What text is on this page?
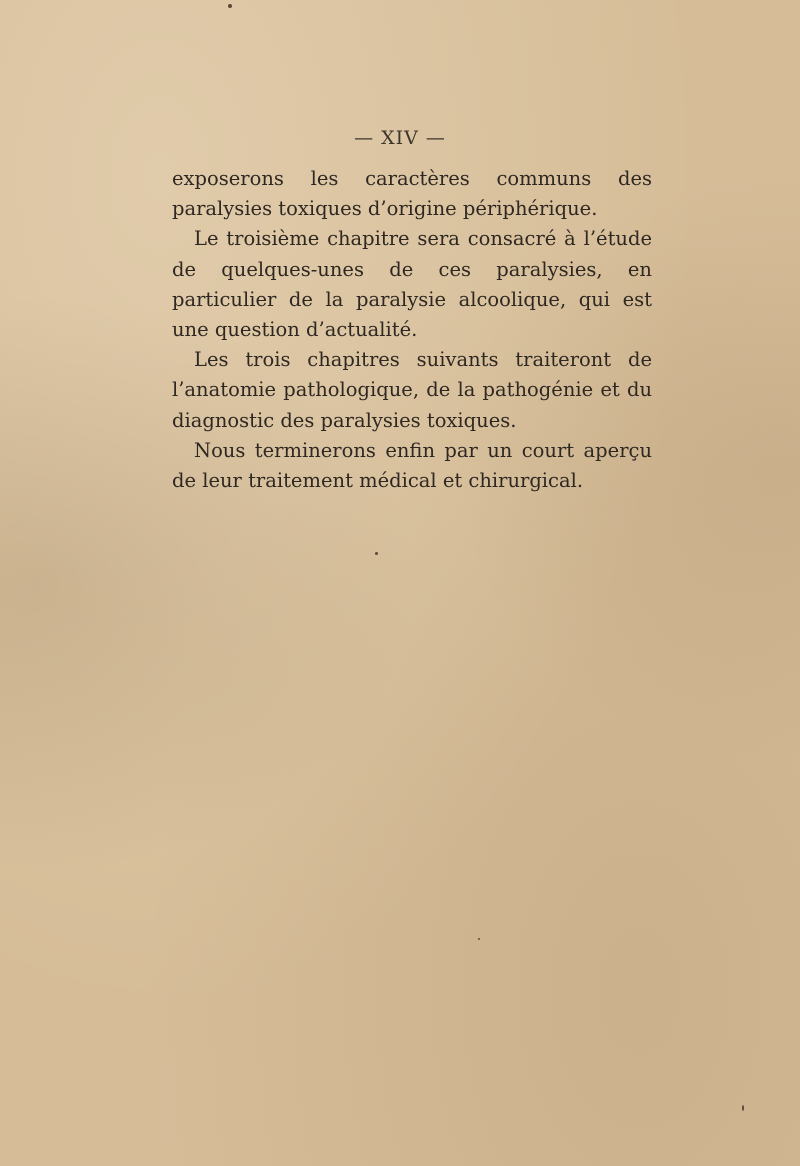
— XIV —

exposerons les caractères communs des paralysies toxiques d’origine périphérique.

Le troisième chapitre sera consacré à l’étude de quelques-unes de ces paralysies, en particulier de la paralysie alcoolique, qui est une question d’actualité.

Les trois chapitres suivants traiteront de l’anatomie pathologique, de la pathogénie et du diagnostic des paralysies toxiques.

Nous terminerons enfin par un court aperçu de leur traitement médical et chirurgical.
